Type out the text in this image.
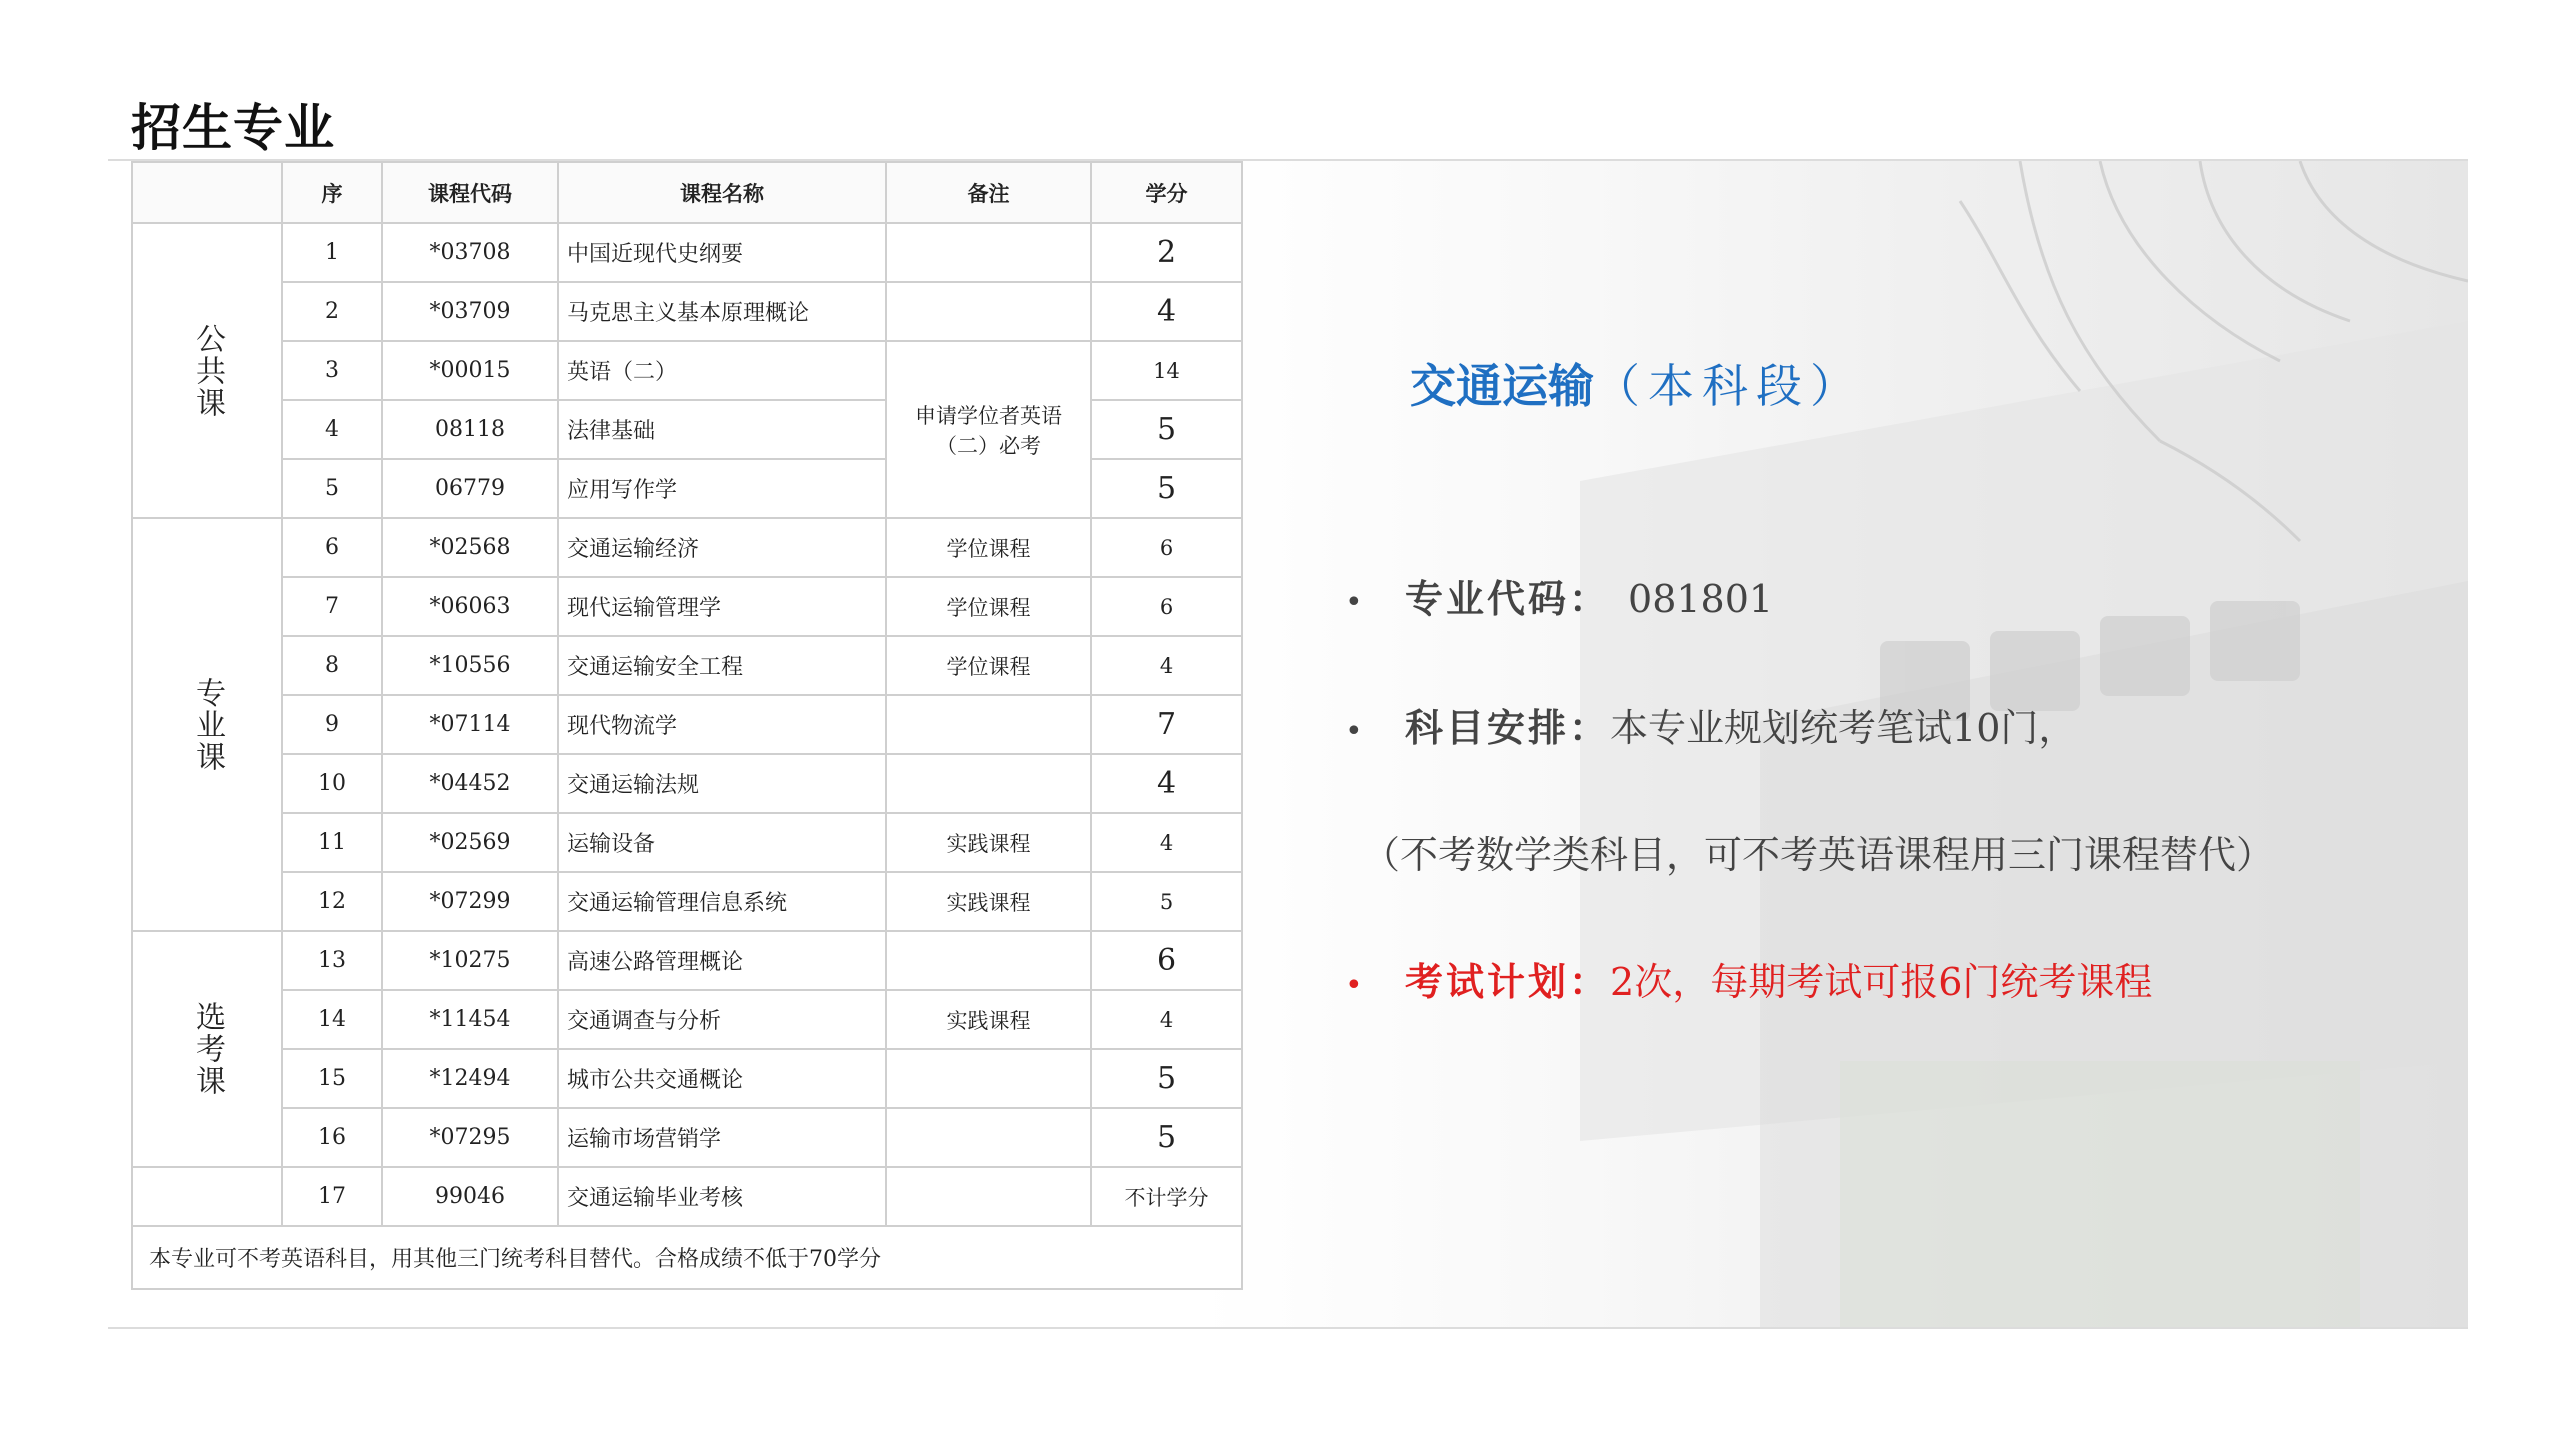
招生专业
	序	课程代码	课程名称	备注	学分

公共课	1	*03708	中国近现代史纲要		2
	2	*03709	马克思主义基本原理概论		4
	3	*00015	英语（二）	申请学位者英语（二）必考	14
	4	08118	法律基础		5
	5	06779	应用写作学		5

专业课	6	*02568	交通运输经济	学位课程	6
	7	*06063	现代运输管理学	学位课程	6
	8	*10556	交通运输安全工程	学位课程	4
	9	*07114	现代物流学		7
	10	*04452	交通运输法规		4
	11	*02569	运输设备	实践课程	4
	12	*07299	交通运输管理信息系统	实践课程	5

选考课	13	*10275	高速公路管理概论		6
	14	*11454	交通调查与分析	实践课程	4
	15	*12494	城市公共交通概论		5
	16	*07295	运输市场营销学		5
	17	99046	交通运输毕业考核		不计学分
本专业可不考英语科目，用其他三门统考科目替代。合格成绩不低于70学分					
交通运输（本科段）
• 专业代码： 081801
• 科目安排：本专业规划统考笔试10门，
（不考数学类科目，可不考英语课程用三门课程替代）
• 考试计划：2次，每期考试可报6门统考课程
